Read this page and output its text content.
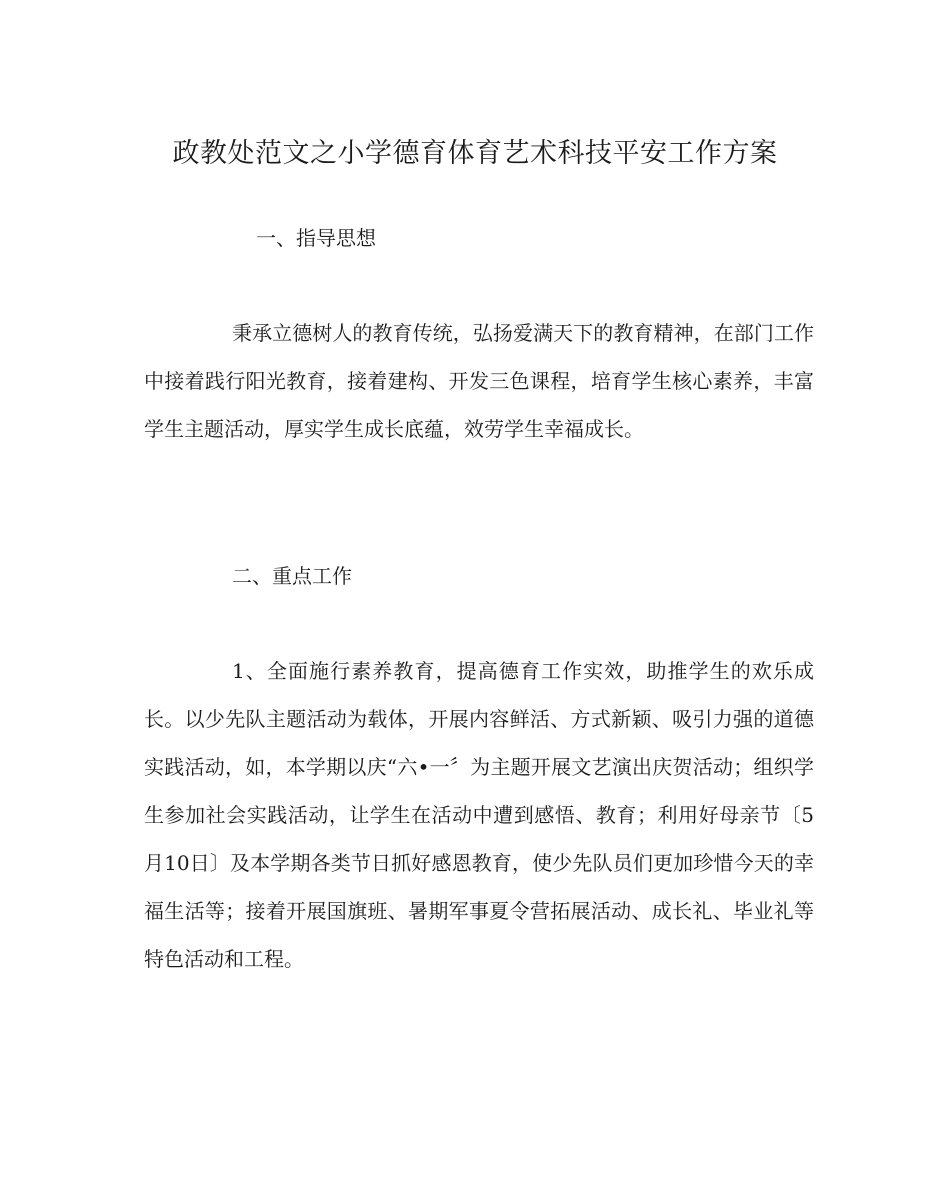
政教处范文之小学德育体育艺术科技平安工作方案
一、指导思想
秉承立德树人的教育传统，弘扬爱满天下的教育精神，在部门工作中接着践行阳光教育，接着建构、开发三色课程，培育学生核心素养，丰富学生主题活动，厚实学生成长底蕴，效劳学生幸福成长。
二、重点工作
1、全面施行素养教育，提高德育工作实效，助推学生的欢乐成长。以少先队主题活动为载体，开展内容鲜活、方式新颖、吸引力强的道德实践活动，如，本学期以庆“六•一〞为主题开展文艺演出庆贺活动；组织学生参加社会实践活动，让学生在活动中遭到感悟、教育；利用好母亲节〔5月10日〕及本学期各类节日抓好感恩教育，使少先队员们更加珍惜今天的幸福生活等；接着开展国旗班、暑期军事夏令营拓展活动、成长礼、毕业礼等特色活动和工程。
